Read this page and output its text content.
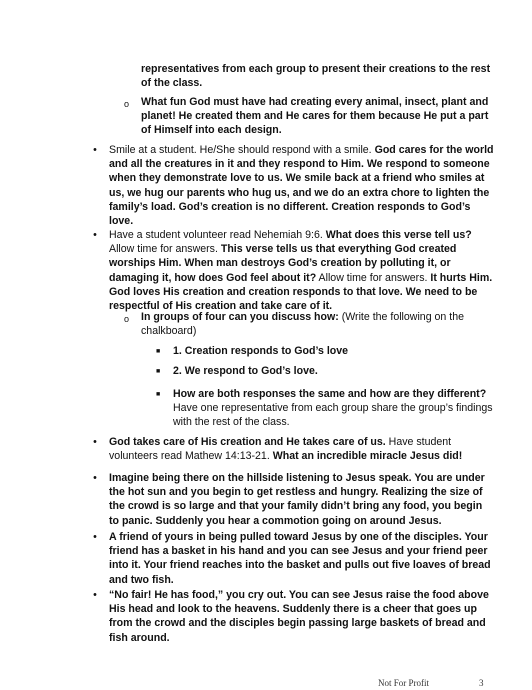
representatives from each group to present their creations to the rest of the class.
o What fun God must have had creating every animal, insect, plant and planet! He created them and He cares for them because He put a part of Himself into each design.
• Smile at a student. He/She should respond with a smile. God cares for the world and all the creatures in it and they respond to Him. We respond to someone when they demonstrate love to us. We smile back at a friend who smiles at us, we hug our parents who hug us, and we do an extra chore to lighten the family’s load. God’s creation is no different. Creation responds to God’s love.
• Have a student volunteer read Nehemiah 9:6. What does this verse tell us? Allow time for answers. This verse tells us that everything God created worships Him. When man destroys God’s creation by polluting it, or damaging it, how does God feel about it? Allow time for answers. It hurts Him. God loves His creation and creation responds to that love. We need to be respectful of His creation and take care of it.
o In groups of four can you discuss how: (Write the following on the chalkboard)
■ 1. Creation responds to God’s love
■ 2. We respond to God’s love.
■ How are both responses the same and how are they different? Have one representative from each group share the group’s findings with the rest of the class.
• God takes care of His creation and He takes care of us. Have student volunteers read Mathew 14:13-21. What an incredible miracle Jesus did!
• Imagine being there on the hillside listening to Jesus speak. You are under the hot sun and you begin to get restless and hungry. Realizing the size of the crowd is so large and that your family didn’t bring any food, you begin to panic. Suddenly you hear a commotion going on around Jesus.
• A friend of yours in being pulled toward Jesus by one of the disciples. Your friend has a basket in his hand and you can see Jesus and your friend peer into it. Your friend reaches into the basket and pulls out five loaves of bread and two fish.
• “No fair! He has food,” you cry out. You can see Jesus raise the food above His head and look to the heavens. Suddenly there is a cheer that goes up from the crowd and the disciples begin passing large baskets of bread and fish around.
Not For Profit	3
